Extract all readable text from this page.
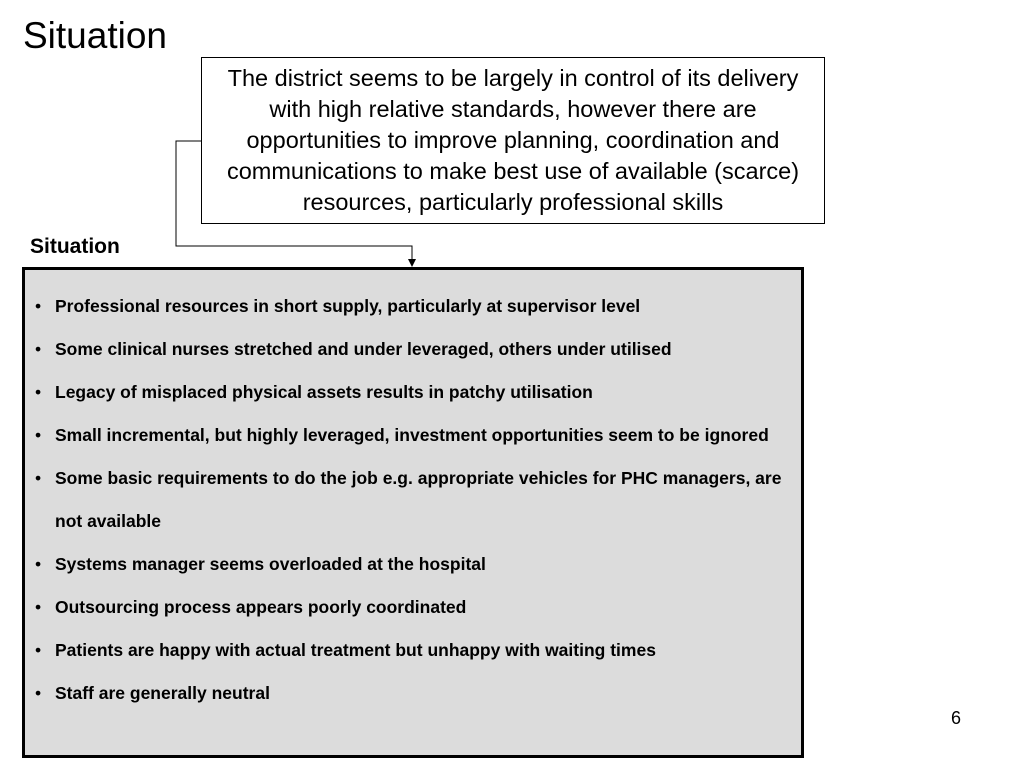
Situation

The district seems to be largely in control of its delivery with high relative standards, however there are opportunities to improve planning, coordination and communications to make best use of available (scarce) resources, particularly professional skills

Situation
• Professional resources in short supply, particularly at supervisor level
• Some clinical nurses stretched and under leveraged, others under utilised
• Legacy of misplaced physical assets results in patchy utilisation
• Small incremental, but highly leveraged, investment opportunities seem to be ignored
• Some basic requirements to do the job e.g. appropriate vehicles for PHC managers, are not available
• Systems manager seems overloaded at the hospital
• Outsourcing process appears poorly coordinated
• Patients are happy with actual treatment but unhappy with waiting times
• Staff are generally neutral
6
